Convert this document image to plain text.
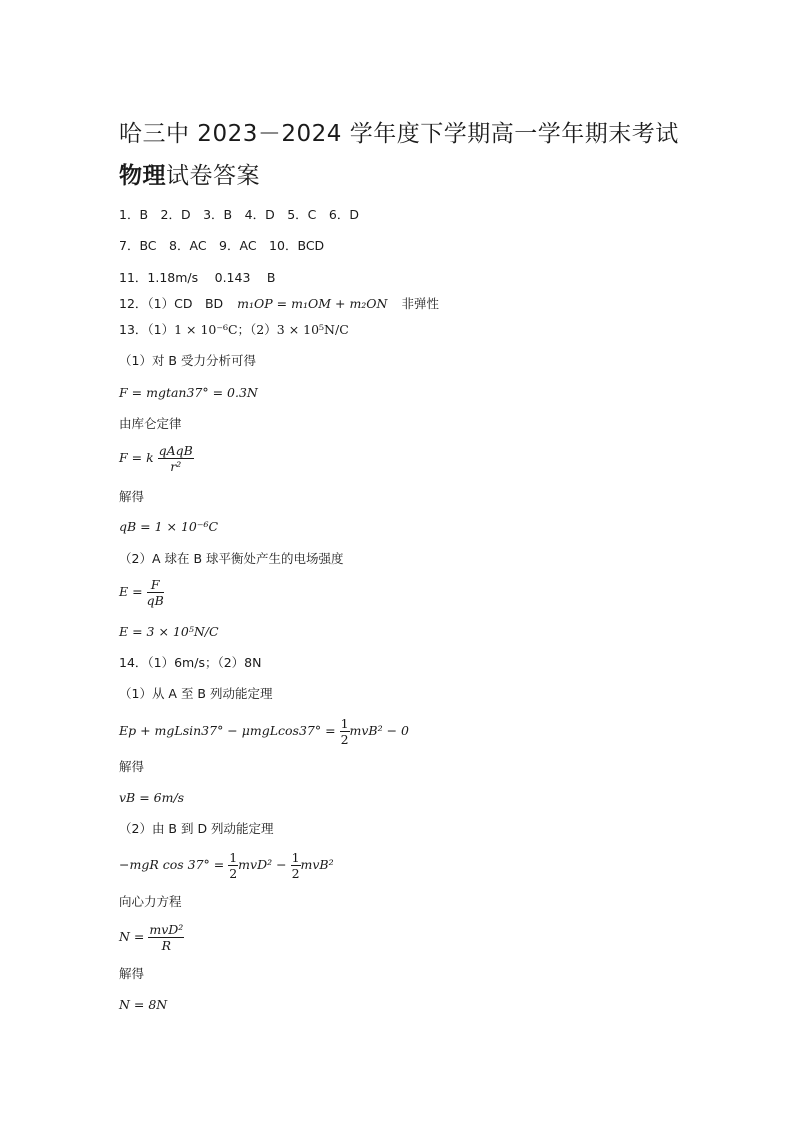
哈三中 2023－2024 学年度下学期高一学年期末考试
物理试卷答案
1．B　2．D　3．B　4．D　5．C　6．D
7．BC　8．AC　9．AC　10．BCD
11．1.18m/s　 0.143　 B
12．（1）CD　BD m₁OP = m₁OM + m₂ON 非弹性
13．（1）1 × 10⁻⁶C；（2）3 × 10⁵N/C
（1）对 B 受力分析可得
F = mgtan37° = 0.3N
由库仑定律
F = k $\frac{\text{qAqB}}{\text{r²}}$
解得
qB = 1 × 10⁻⁶C
（2）A 球在 B 球平衡处产生的电场强度
$E = \frac{F}{qB}$
E = 3 × 10⁵N/C
14．（1）6m/s；（2）8N
（1）从 A 至 B 列动能定理
$Ep + mgLsin37^\circ - \mu mgLcos37^\circ = \frac{1}{2} mvB^2 - 0$
解得
vB = 6m/s
（2）由 B 到 D 列动能定理
−mgR $\cos 37^\circ = \frac{1}{2} mvD^2 - \frac{1}{2} mvB^2$
向心力方程
$N = \frac{\text{mvD²}}{R}$
解得
N = 8N
